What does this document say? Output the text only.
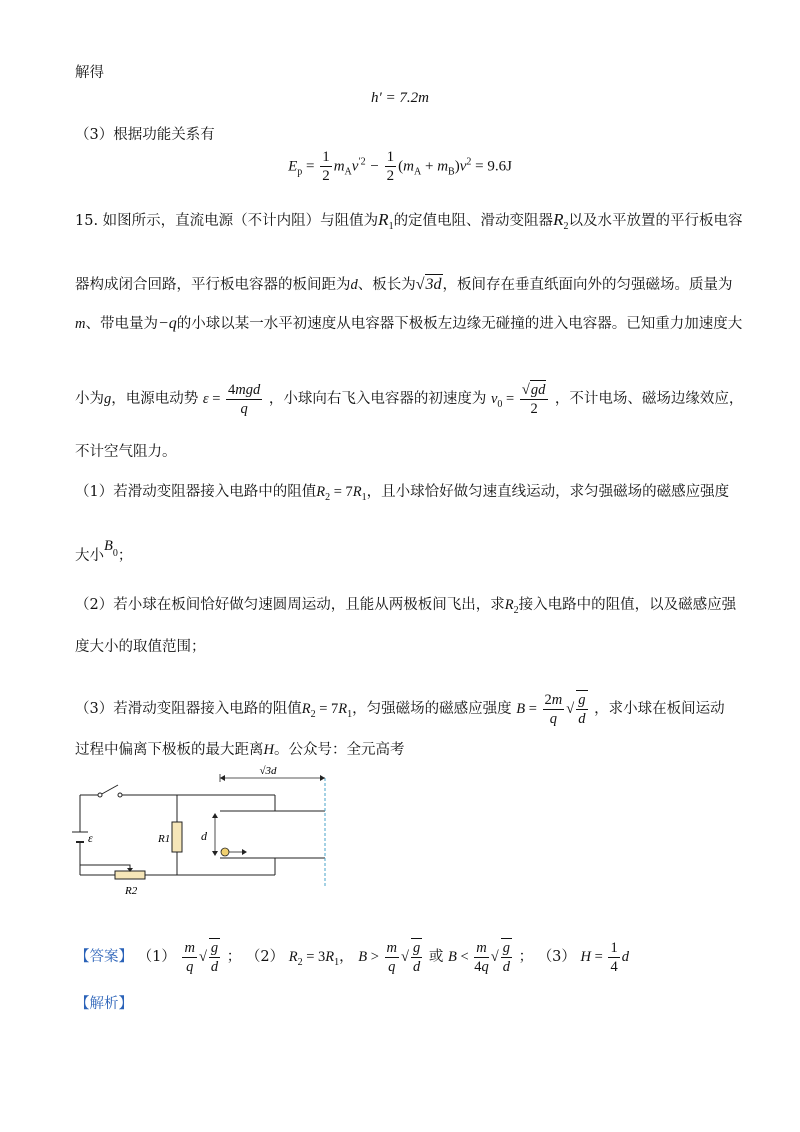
解得
h′ = 7.2m
（3）根据功能关系有
$E_p = \frac{1}{2} m_Av^{'2} - \frac{1}{2} (m_A + m_B)v^2 = 9.6J$
15. 如图所示，直流电源（不计内阻）与阻值为$R_1$的定值电阻、滑动变阻器$R_2$以及水平放置的平行板电容
器构成闭合回路，平行板电容器的板间距为d、板长为√3d，板间存在垂直纸面向外的匀强磁场。质量为
m、带电量为−q的小球以某一水平初速度从电容器下极板左边缘无碰撞的进入电容器。已知重力加速度大
小为g，电源电动势 $\varepsilon = \frac{\text{4mgd}}{q}$ ，小球向右飞入电容器的初速度为 $v_0 = \frac{√gd}{2}$ ，不计电场、磁场边缘效应，
不计空气阻力。
（1）若滑动变阻器接入电路中的阻值$R_2 = 7R_1$，且小球恰好做匀速直线运动，求匀强磁场的磁感应强度
大小$B_0$；
（2）若小球在板间恰好做匀速圆周运动，且能从两极板间飞出，求$R_2$接入电路中的阻值，以及磁感应强
度大小的取值范围；
（3）若滑动变阻器接入电路的阻值$R_2 = 7R_1$，匀强磁场的磁感应强度 $B = \frac{2m}{q}$ √ $\frac{g}{d}$ ，求小球在板间运动
过程中偏离下极板的最大距离H。公众号：全元高考
√3d
ε	R1
R2
d
【答案】 $(1) \frac{m}{q}$ √ $\frac{g}{d}$ ； （2） $R_2 = 3R_1$， $B > \frac{m}{q}$ √ $\frac{g}{d}$ 或 $B < \frac{m}{4q}$ √ $\frac{g}{d}$ ； （3） $H = \frac{1}{4}$ d
【解析】
